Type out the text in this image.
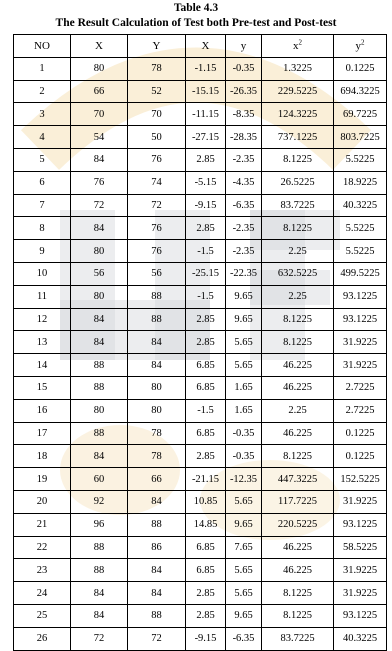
Table 4.3
The Result Calculation of Test both Pre-test and Post-test
NO	X	Y	X	y	$x^2$	$y^2$
1	80	78	-1.15	-0.35	1.3225	0.1225
2	66	52	-15.15	-26.35	229.5225	694.3225
3	70	70	-11.15	-8.35	124.3225	69.7225
4	54	50	-27.15	-28.35	737.1225	803.7225
5	84	76	2.85	-2.35	8.1225	5.5225
6	76	74	-5.15	-4.35	26.5225	18.9225
7	72	72	-9.15	-6.35	83.7225	40.3225
8	84	76	2.85	-2.35	8.1225	5.5225
9	80	76	-1.5	-2.35	2.25	5.5225
10	56	56	-25.15	-22.35	632.5225	499.5225
11	80	88	-1.5	9.65	2.25	93.1225
12	84	88	2.85	9.65	8.1225	93.1225
13	84	84	2.85	5.65	8.1225	31.9225
14	88	84	6.85	5.65	46.225	31.9225
15	88	80	6.85	1.65	46.225	2.7225
16	80	80	-1.5	1.65	2.25	2.7225
17	88	78	6.85	-0.35	46.225	0.1225
18	84	78	2.85	-0.35	8.1225	0.1225
19	60	66	-21.15	-12.35	447.3225	152.5225
20	92	84	10.85	5.65	117.7225	31.9225
21	96	88	14.85	9.65	220.5225	93.1225
22	88	86	6.85	7.65	46.225	58.5225
23	88	84	6.85	5.65	46.225	31.9225
24	84	84	2.85	5.65	8.1225	31.9225
25	84	88	2.85	9.65	8.1225	93.1225
26	72	72	-9.15	-6.35	83.7225	40.3225
